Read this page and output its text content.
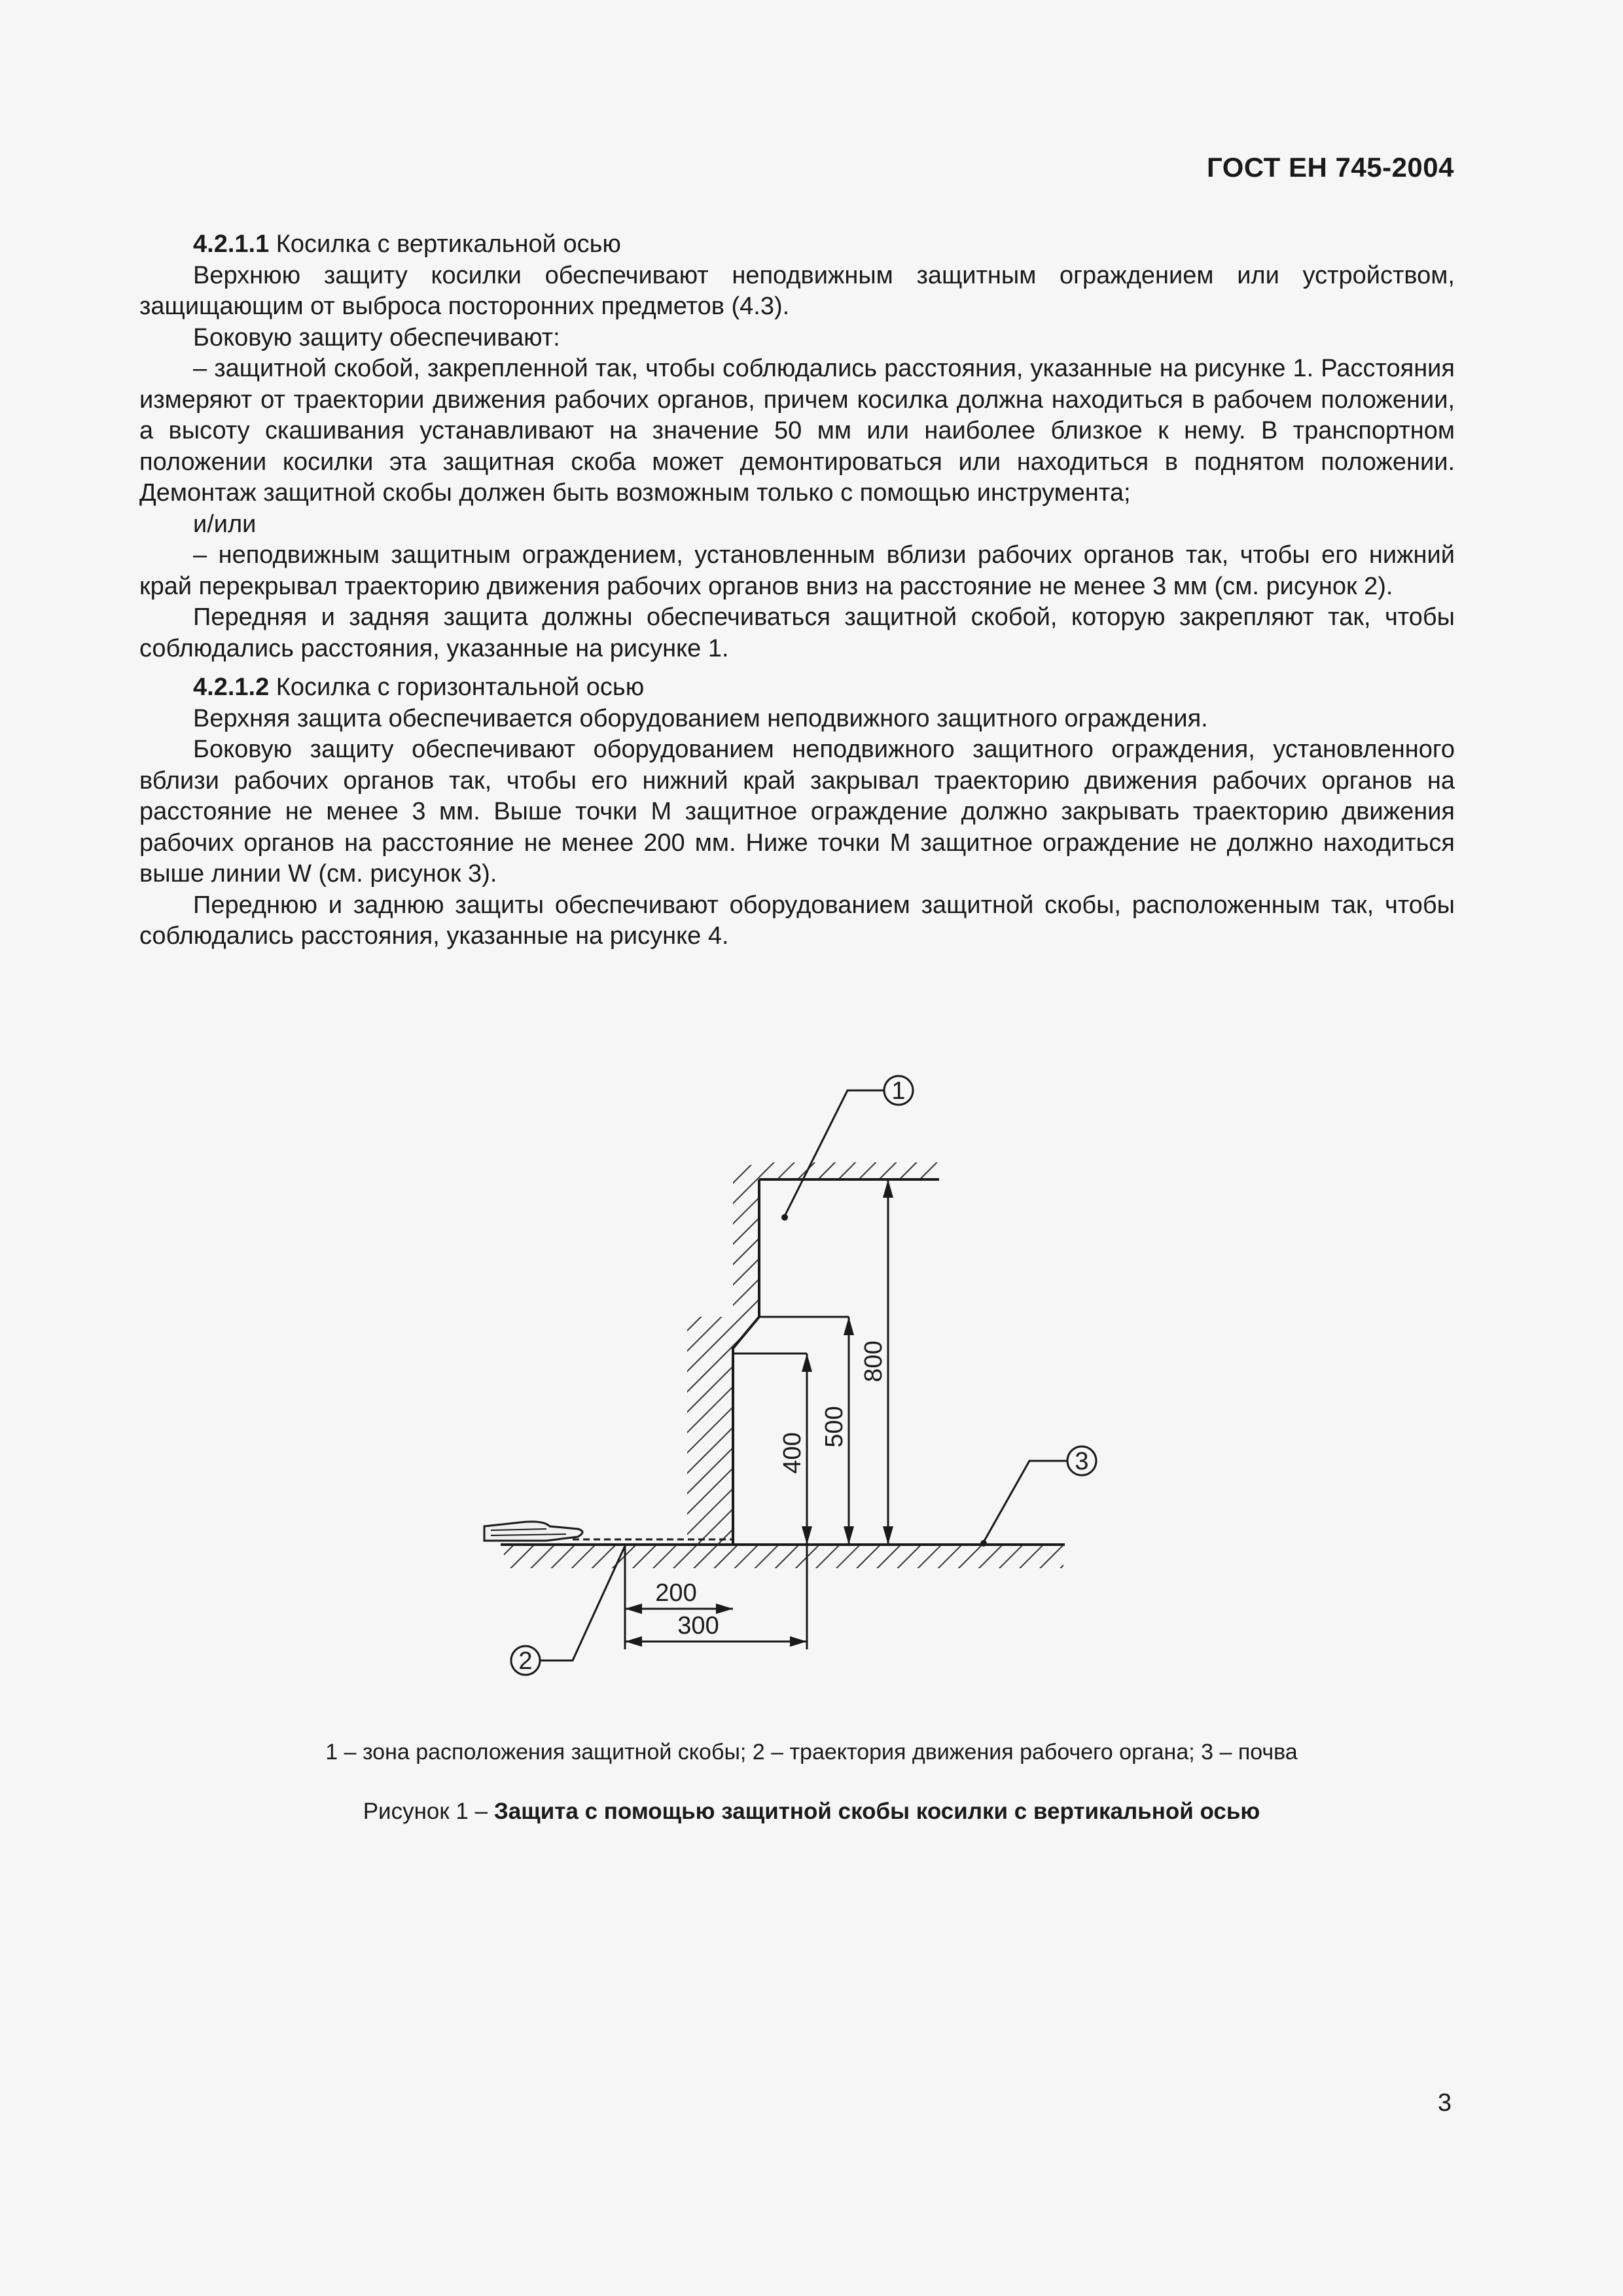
ГОСТ ЕН 745-2004

4.2.1.1 Косилка с вертикальной осью

Верхнюю защиту косилки обеспечивают неподвижным защитным ограждением или устройством, защищающим от выброса посторонних предметов (4.3).

Боковую защиту обеспечивают:

– защитной скобой, закрепленной так, чтобы соблюдались расстояния, указанные на рисунке 1. Расстояния измеряют от траектории движения рабочих органов, причем косилка должна находиться в рабочем положении, а высоту скашивания устанавливают на значение 50 мм или наиболее близкое к нему. В транспортном положении косилки эта защитная скоба может демонтироваться или находиться в поднятом положении. Демонтаж защитной скобы должен быть возможным только с помощью инструмента;

и/или

– неподвижным защитным ограждением, установленным вблизи рабочих органов так, чтобы его нижний край перекрывал траекторию движения рабочих органов вниз на расстояние не менее 3 мм (см. рисунок 2).

Передняя и задняя защита должны обеспечиваться защитной скобой, которую закрепляют так, чтобы соблюдались расстояния, указанные на рисунке 1.

4.2.1.2 Косилка с горизонтальной осью

Верхняя защита обеспечивается оборудованием неподвижного защитного ограждения.

Боковую защиту обеспечивают оборудованием неподвижного защитного ограждения, установленного вблизи рабочих органов так, чтобы его нижний край закрывал траекторию движения рабочих органов на расстояние не менее 3 мм. Выше точки М защитное ограждение должно закрывать траекторию движения рабочих органов на расстояние не менее 200 мм. Ниже точки М защитное ограждение не должно находиться выше линии W (см. рисунок 3).

Переднюю и заднюю защиты обеспечивают оборудованием защитной скобы, расположенным так, чтобы соблюдались расстояния, указанные на рисунке 4.

800
500
400
200
300
1
3
2
1 – зона расположения защитной скобы; 2 – траектория движения рабочего органа; 3 – почва
Рисунок 1 – Защита с помощью защитной скобы косилки с вертикальной осью
3
